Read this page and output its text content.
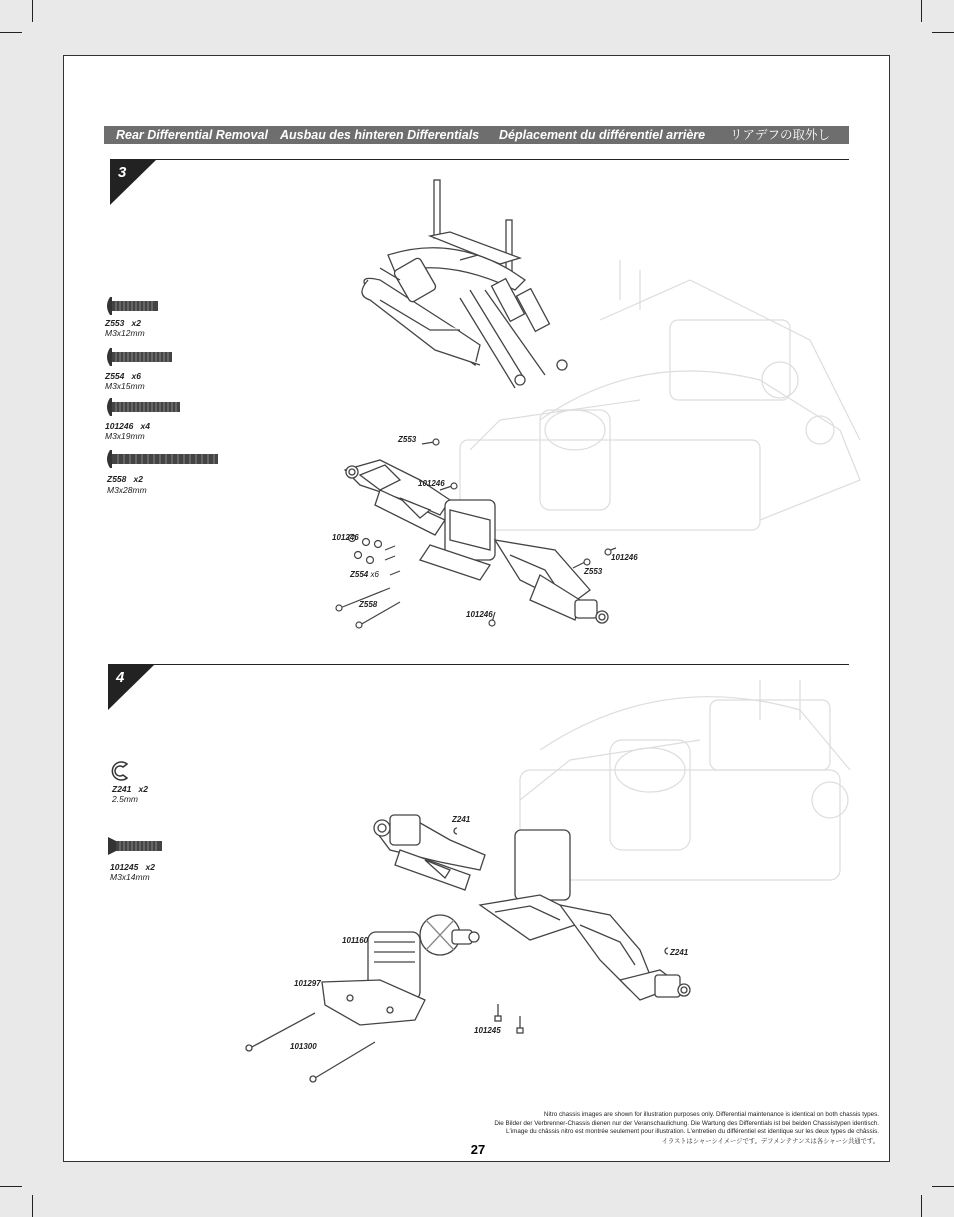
Rear Differential Removal Ausbau des hinteren Differentials Déplacement du différentiel arrière リアデフの取外し
3
Z553 x2
M3x12mm
Z554 x6
M3x15mm
101246 x4
M3x19mm
Z558 x2
M3x28mm
Z553
101246
101246
Z554 x6
Z558
101246
101246
Z553
4
Z241 x2
2.5mm
101245 x2
M3x14mm
Z241
Z241
101160
101297
101300
101245
Nitro chassis images are shown for illustration purposes only. Differential maintenance is identical on both chassis types.
Die Bilder der Verbrenner-Chassis dienen nur der Veranschaulichung. Die Wartung des Differentials ist bei beiden Chassistypen identisch.
L'image du châssis nitro est montrée seulement pour illustration. L'entretien du différentiel est identique sur les deux types de châssis.
イラストはシャーシイメージです。デフメンテナンスは各シャーシ共通です。
27
